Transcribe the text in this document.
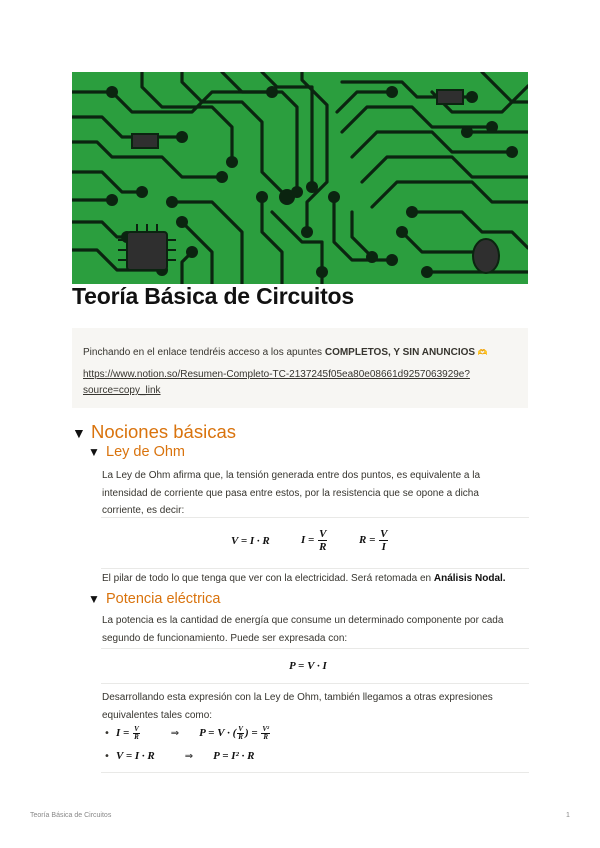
Teoría Básica de Circuitos
Pinchando en el enlace tendréis acceso a los apuntes COMPLETOS, Y SIN ANUNCIOS 🫶
https://www.notion.so/Resumen-Completo-TC-2137245f05ea80e08661d9257063929e?
source=copy_link
▼ Nociones básicas
▼ Ley de Ohm
La Ley de Ohm afirma que, la tensión generada entre dos puntos, es equivalente a la intensidad de corriente que pasa entre estos, por la resistencia que se opone a dicha corriente, es decir:
V = I · R	$I = \frac{V}{R}$	$R = \frac{V}{I}$
El pilar de todo lo que tenga que ver con la electricidad. Será retomada en Análisis Nodal.
▼ Potencia eléctrica
La potencia es la cantidad de energía que consume un determinado componente por cada segundo de funcionamiento. Puede ser expresada con:
P = V · I
Desarrollando esta expresión con la Ley de Ohm, también llegamos a otras expresiones equivalentes tales como:
• $I = \frac{V}{R}$	⇒ P = V · ( $\frac{V}{R}$ ) = $\frac{\text{V²}}{R}$
• V = I · R	⇒ P = I² · R
Teoría Básica de Circuitos	1
